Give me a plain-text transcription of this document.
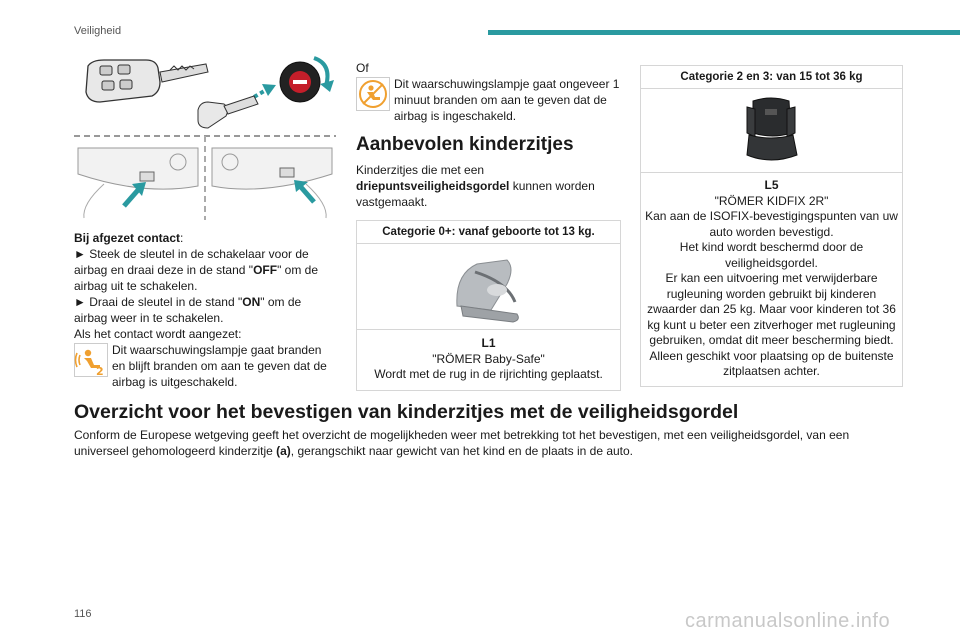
Veiligheid
Bij afgezet contact:
► Steek de sleutel in de schakelaar voor de airbag en draai deze in de stand "OFF" om de airbag uit te schakelen.
► Draai de sleutel in de stand "ON" om de airbag weer in te schakelen.
Als het contact wordt aangezet:
2
Dit waarschuwingslampje gaat branden en blijft branden om aan te geven dat de airbag is uitgeschakeld.
Of
Dit waarschuwingslampje gaat ongeveer 1 minuut branden om aan te geven dat de airbag is ingeschakeld.
Aanbevolen kinderzitjes
Kinderzitjes die met een driepuntsveiligheidsgordel kunnen worden vastgemaakt.
Categorie 0+: vanaf geboorte tot 13 kg.
L1
"RÖMER Baby-Safe"
Wordt met de rug in de rijrichting geplaatst.
Categorie 2 en 3: van 15 tot 36 kg
L5
"RÖMER KIDFIX 2R"
Kan aan de ISOFIX-bevestigingspunten van uw auto worden bevestigd.
Het kind wordt beschermd door de veiligheidsgordel.
Er kan een uitvoering met verwijderbare rugleuning worden gebruikt bij kinderen zwaarder dan 25 kg. Maar voor kinderen tot 36 kg kunt u beter een zitverhoger met rugleuning gebruiken, omdat dit meer bescherming biedt.
Alleen geschikt voor plaatsing op de buitenste zitplaatsen achter.
Overzicht voor het bevestigen van kinderzitjes met de veiligheidsgordel
Conform de Europese wetgeving geeft het overzicht de mogelijkheden weer met betrekking tot het bevestigen, met een veiligheidsgordel, van een universeel gehomologeerd kinderzitje (a), gerangschikt naar gewicht van het kind en de plaats in de auto.
116	carmanualsonline.info
